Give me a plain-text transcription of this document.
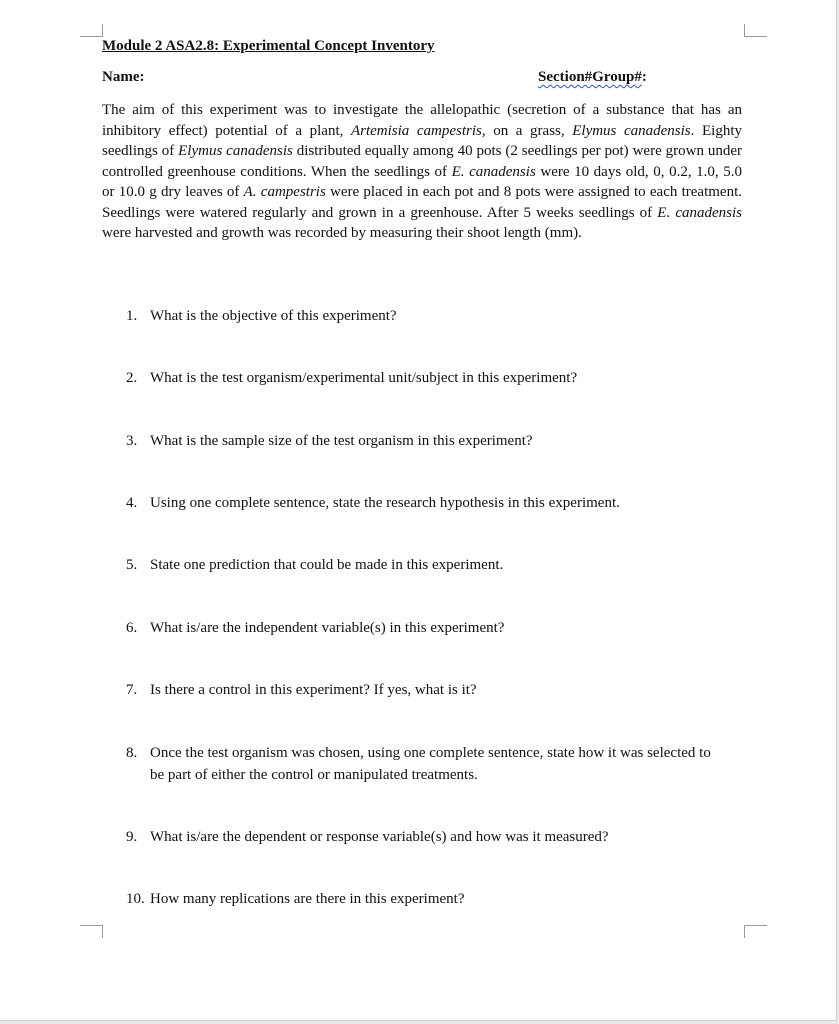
Module 2 ASA2.8: Experimental Concept Inventory
Name:	Section#Group#:

The aim of this experiment was to investigate the allelopathic (secretion of a substance that has an inhibitory effect) potential of a plant, Artemisia campestris, on a grass, Elymus canadensis. Eighty seedlings of Elymus canadensis distributed equally among 40 pots (2 seedlings per pot) were grown under controlled greenhouse conditions. When the seedlings of E. canadensis were 10 days old, 0, 0.2, 1.0, 5.0 or 10.0 g dry leaves of A. campestris were placed in each pot and 8 pots were assigned to each treatment. Seedlings were watered regularly and grown in a greenhouse. After 5 weeks seedlings of E. canadensis were harvested and growth was recorded by measuring their shoot length (mm).

1. What is the objective of this experiment?
2. What is the test organism/experimental unit/subject in this experiment?
3. What is the sample size of the test organism in this experiment?
4. Using one complete sentence, state the research hypothesis in this experiment.
5. State one prediction that could be made in this experiment.
6. What is/are the independent variable(s) in this experiment?
7. Is there a control in this experiment? If yes, what is it?
8. Once the test organism was chosen, using one complete sentence, state how it was selected to be part of either the control or manipulated treatments.
9. What is/are the dependent or response variable(s) and how was it measured?
10. How many replications are there in this experiment?
